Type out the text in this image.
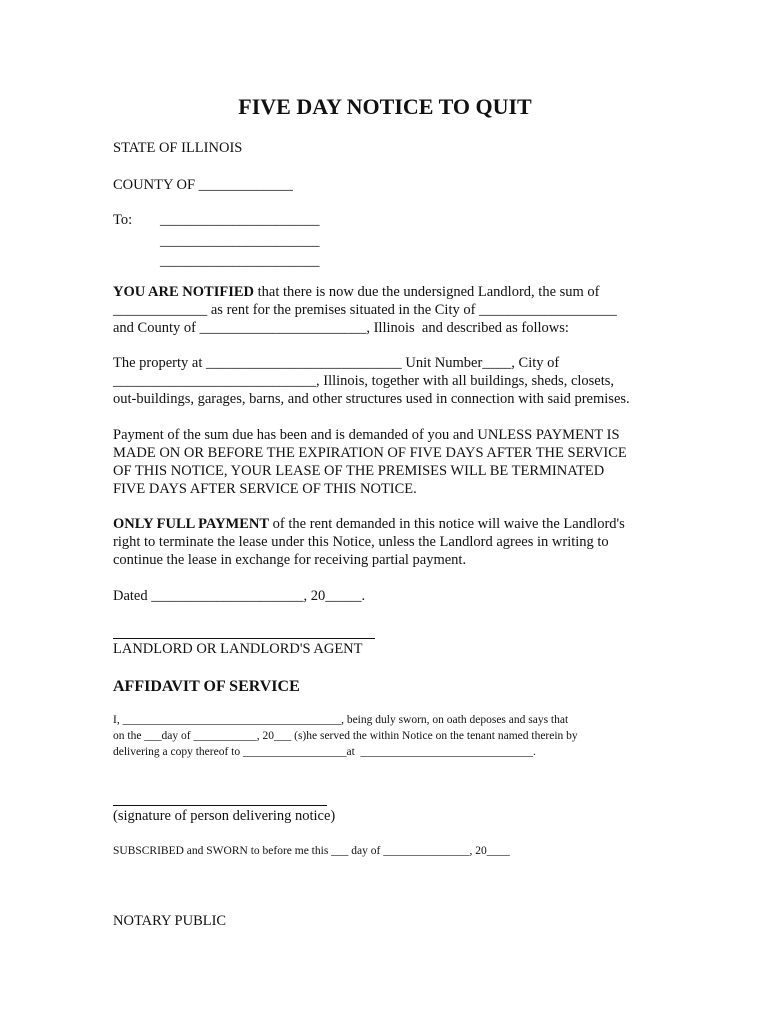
FIVE DAY NOTICE TO QUIT
STATE OF ILLINOIS
COUNTY OF _____________
To: ______________________
______________________
______________________
YOU ARE NOTIFIED that there is now due the undersigned Landlord, the sum of
_____________ as rent for the premises situated in the City of ___________________
and County of _______________________, Illinois  and described as follows:
The property at ___________________________ Unit Number____, City of
____________________________, Illinois, together with all buildings, sheds, closets,
out-buildings, garages, barns, and other structures used in connection with said premises.
Payment of the sum due has been and is demanded of you and UNLESS PAYMENT IS
MADE ON OR BEFORE THE EXPIRATION OF FIVE DAYS AFTER THE SERVICE
OF THIS NOTICE, YOUR LEASE OF THE PREMISES WILL BE TERMINATED
FIVE DAYS AFTER SERVICE OF THIS NOTICE.
ONLY FULL PAYMENT of the rent demanded in this notice will waive the Landlord's
right to terminate the lease under this Notice, unless the Landlord agrees in writing to
continue the lease in exchange for receiving partial payment.
Dated _____________________, 20_____.
LANDLORD OR LANDLORD'S AGENT
AFFIDAVIT OF SERVICE
I, ______________________________________, being duly sworn, on oath deposes and says that
on the ___day of ___________, 20___ (s)he served the within Notice on the tenant named therein by
delivering a copy thereof to __________________at  ______________________________.
(signature of person delivering notice)
SUBSCRIBED and SWORN to before me this ___ day of _______________, 20____
NOTARY PUBLIC
